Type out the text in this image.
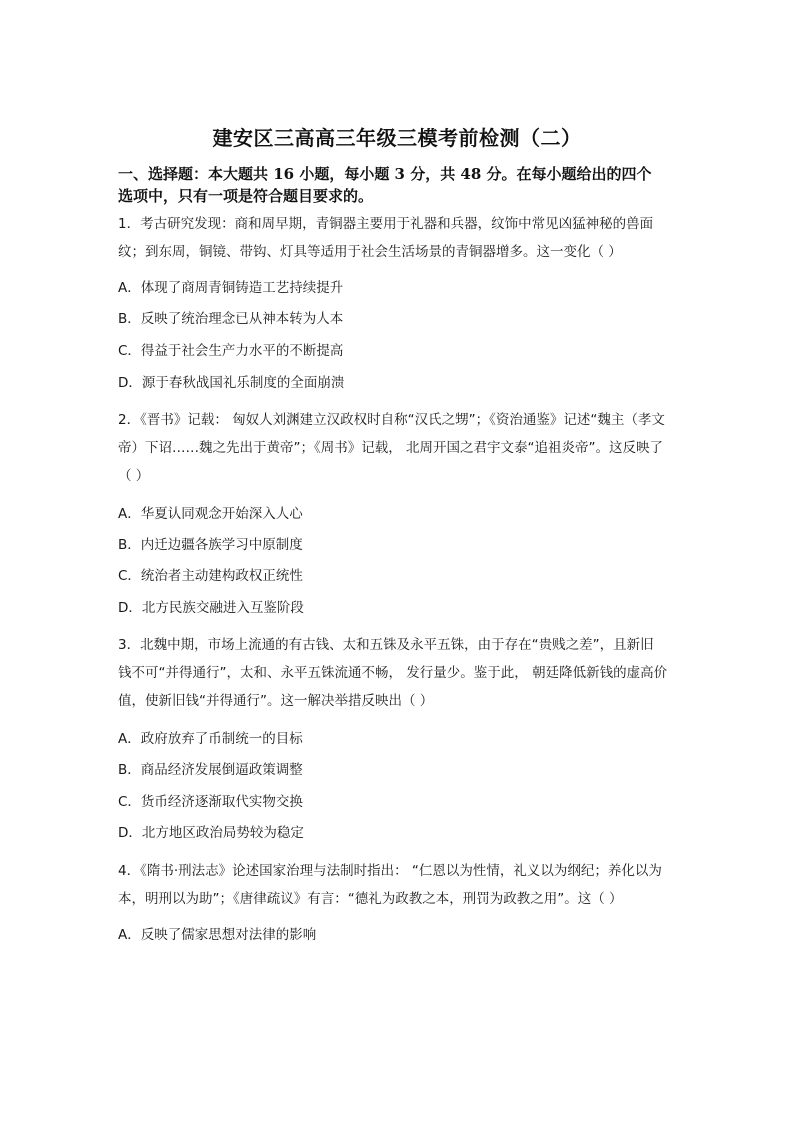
建安区三高高三年级三模考前检测（二）
一、选择题：本大题共 16 小题，每小题 3 分，共 48 分。在每小题给出的四个
选项中，只有一项是符合题目要求的。
1．考古研究发现：商和周早期，青铜器主要用于礼器和兵器，纹饰中常见凶猛神秘的兽面
纹；到东周，铜镜、带钩、灯具等适用于社会生活场景的青铜器增多。这一变化（ ）
A．体现了商周青铜铸造工艺持续提升
B．反映了统治理念已从神本转为人本
C．得益于社会生产力水平的不断提高
D．源于春秋战国礼乐制度的全面崩溃
2．《晋书》记载： 匈奴人刘渊建立汉政权时自称“汉氏之甥”；《资治通鉴》记述“魏主（孝文
帝）下诏……魏之先出于黄帝”；《周书》记载， 北周开国之君宇文泰“追祖炎帝”。这反映了
（ ）
A．华夏认同观念开始深入人心
B．内迁边疆各族学习中原制度
C．统治者主动建构政权正统性
D．北方民族交融进入互鉴阶段
3．北魏中期，市场上流通的有古钱、太和五铢及永平五铢，由于存在“贵贱之差”，且新旧
钱不可“并得通行”，太和、永平五铢流通不畅， 发行量少。鉴于此， 朝廷降低新钱的虚高价
值，使新旧钱“并得通行”。这一解决举措反映出（ ）
A．政府放弃了币制统一的目标
B．商品经济发展倒逼政策调整
C．货币经济逐渐取代实物交换
D．北方地区政治局势较为稳定
4．《隋书·刑法志》论述国家治理与法制时指出： “仁恩以为性情，礼义以为纲纪；养化以为
本，明刑以为助”；《唐律疏议》有言：“德礼为政教之本，刑罚为政教之用”。这（ ）
A．反映了儒家思想对法律的影响
